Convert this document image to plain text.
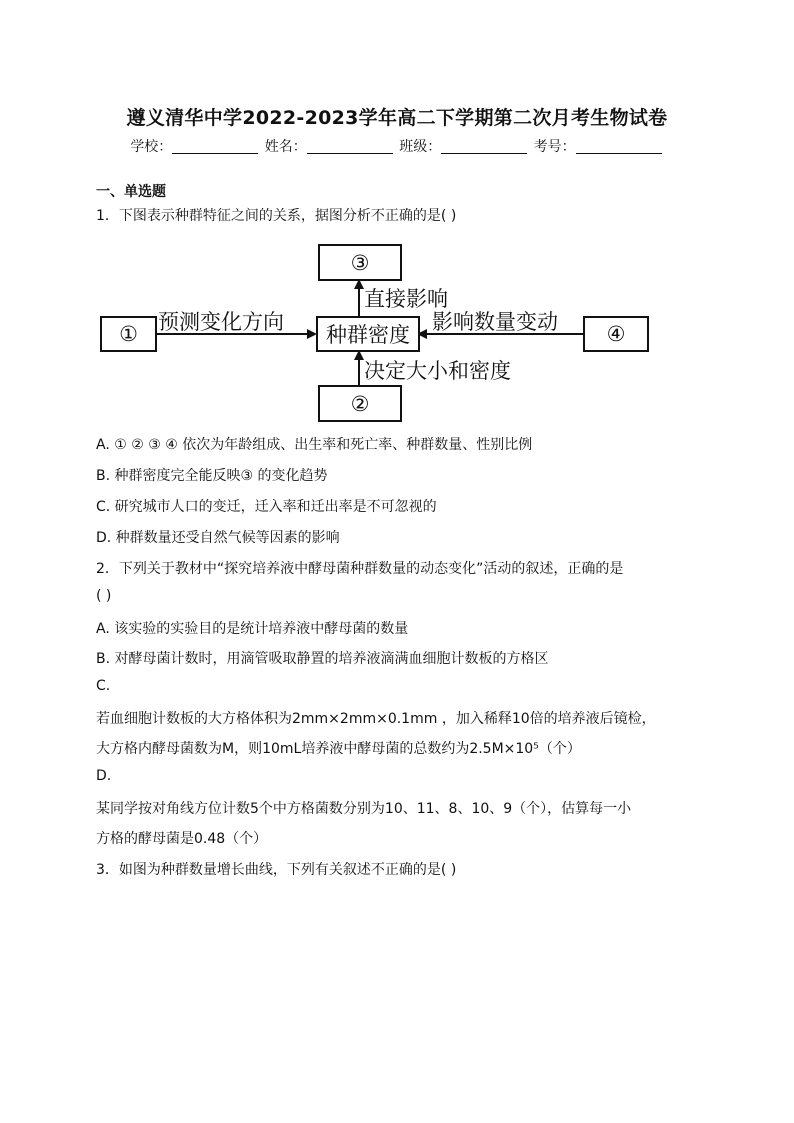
遵义清华中学2022-2023学年高二下学期第二次月考生物试卷
学校：	姓名：	班级：	考号：
一、单选题
1．下图表示种群特征之间的关系，据图分析不正确的是( )
③
①	种群密度	④
②
预测变化方向	影响数量变动
直接影响
决定大小和密度
A. ① ② ③ ④ 依次为年龄组成、出生率和死亡率、种群数量、性别比例
B. 种群密度完全能反映③ 的变化趋势
C. 研究城市人口的变迁，迁入率和迁出率是不可忽视的
D. 种群数量还受自然气候等因素的影响
2．下列关于教材中“探究培养液中酵母菌种群数量的动态变化”活动的叙述，正确的是
( )
A. 该实验的实验目的是统计培养液中酵母菌的数量
B. 对酵母菌计数时，用滴管吸取静置的培养液滴满血细胞计数板的方格区
C.
若血细胞计数板的大方格体积为2mm×2mm×0.1mm ，加入稀释10倍的培养液后镜检，
大方格内酵母菌数为M，则10mL培养液中酵母菌的总数约为2.5M×10⁵（个）
D.
某同学按对角线方位计数5个中方格菌数分别为10、11、8、10、9（个），估算每一小
方格的酵母菌是0.48（个）
3．如图为种群数量增长曲线，下列有关叙述不正确的是( )
